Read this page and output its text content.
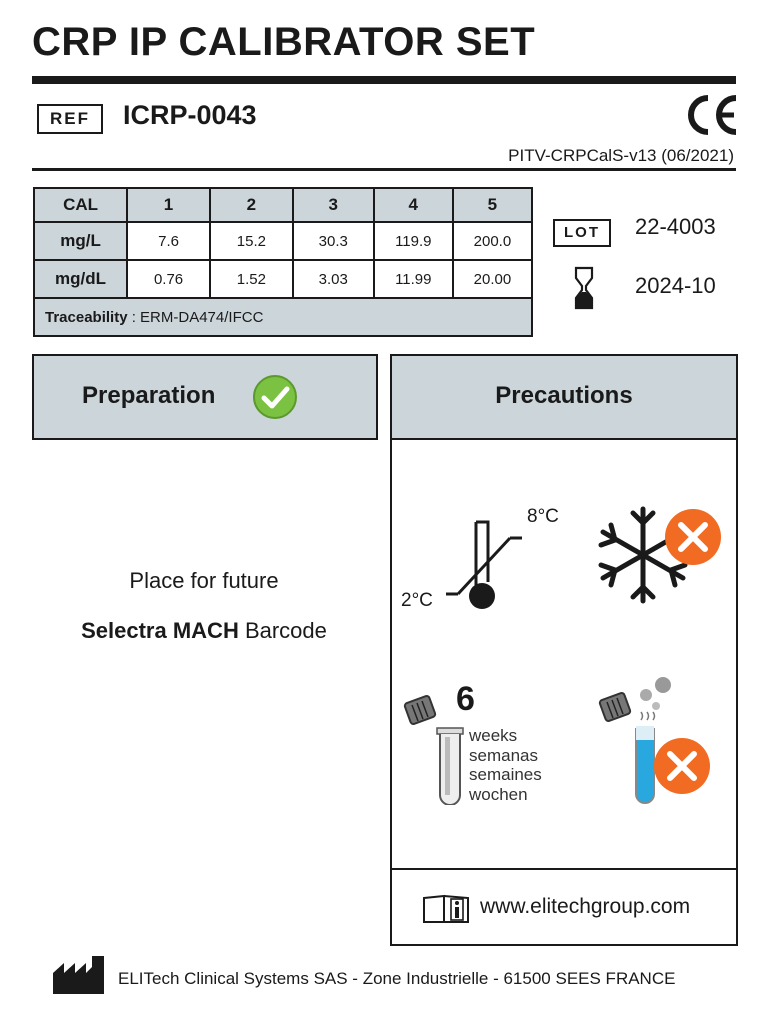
CRP IP CALIBRATOR SET
REF	ICRP-0043
PITV-CRPCalS-v13 (06/2021)
CAL	1	2	3	4	5
mg/L	7.6	15.2	30.3	119.9	200.0
mg/dL	0.76	1.52	3.03	11.99	20.00
Traceability : ERM-DA474/IFCC					
LOT	22-4003
2024-10
Preparation
Place for future
Selectra MACH Barcode
Precautions
8°C
2°C
6
weeks
semanas
semaines
wochen
www.elitechgroup.com
ELITech Clinical Systems SAS - Zone Industrielle - 61500 SEES FRANCE
